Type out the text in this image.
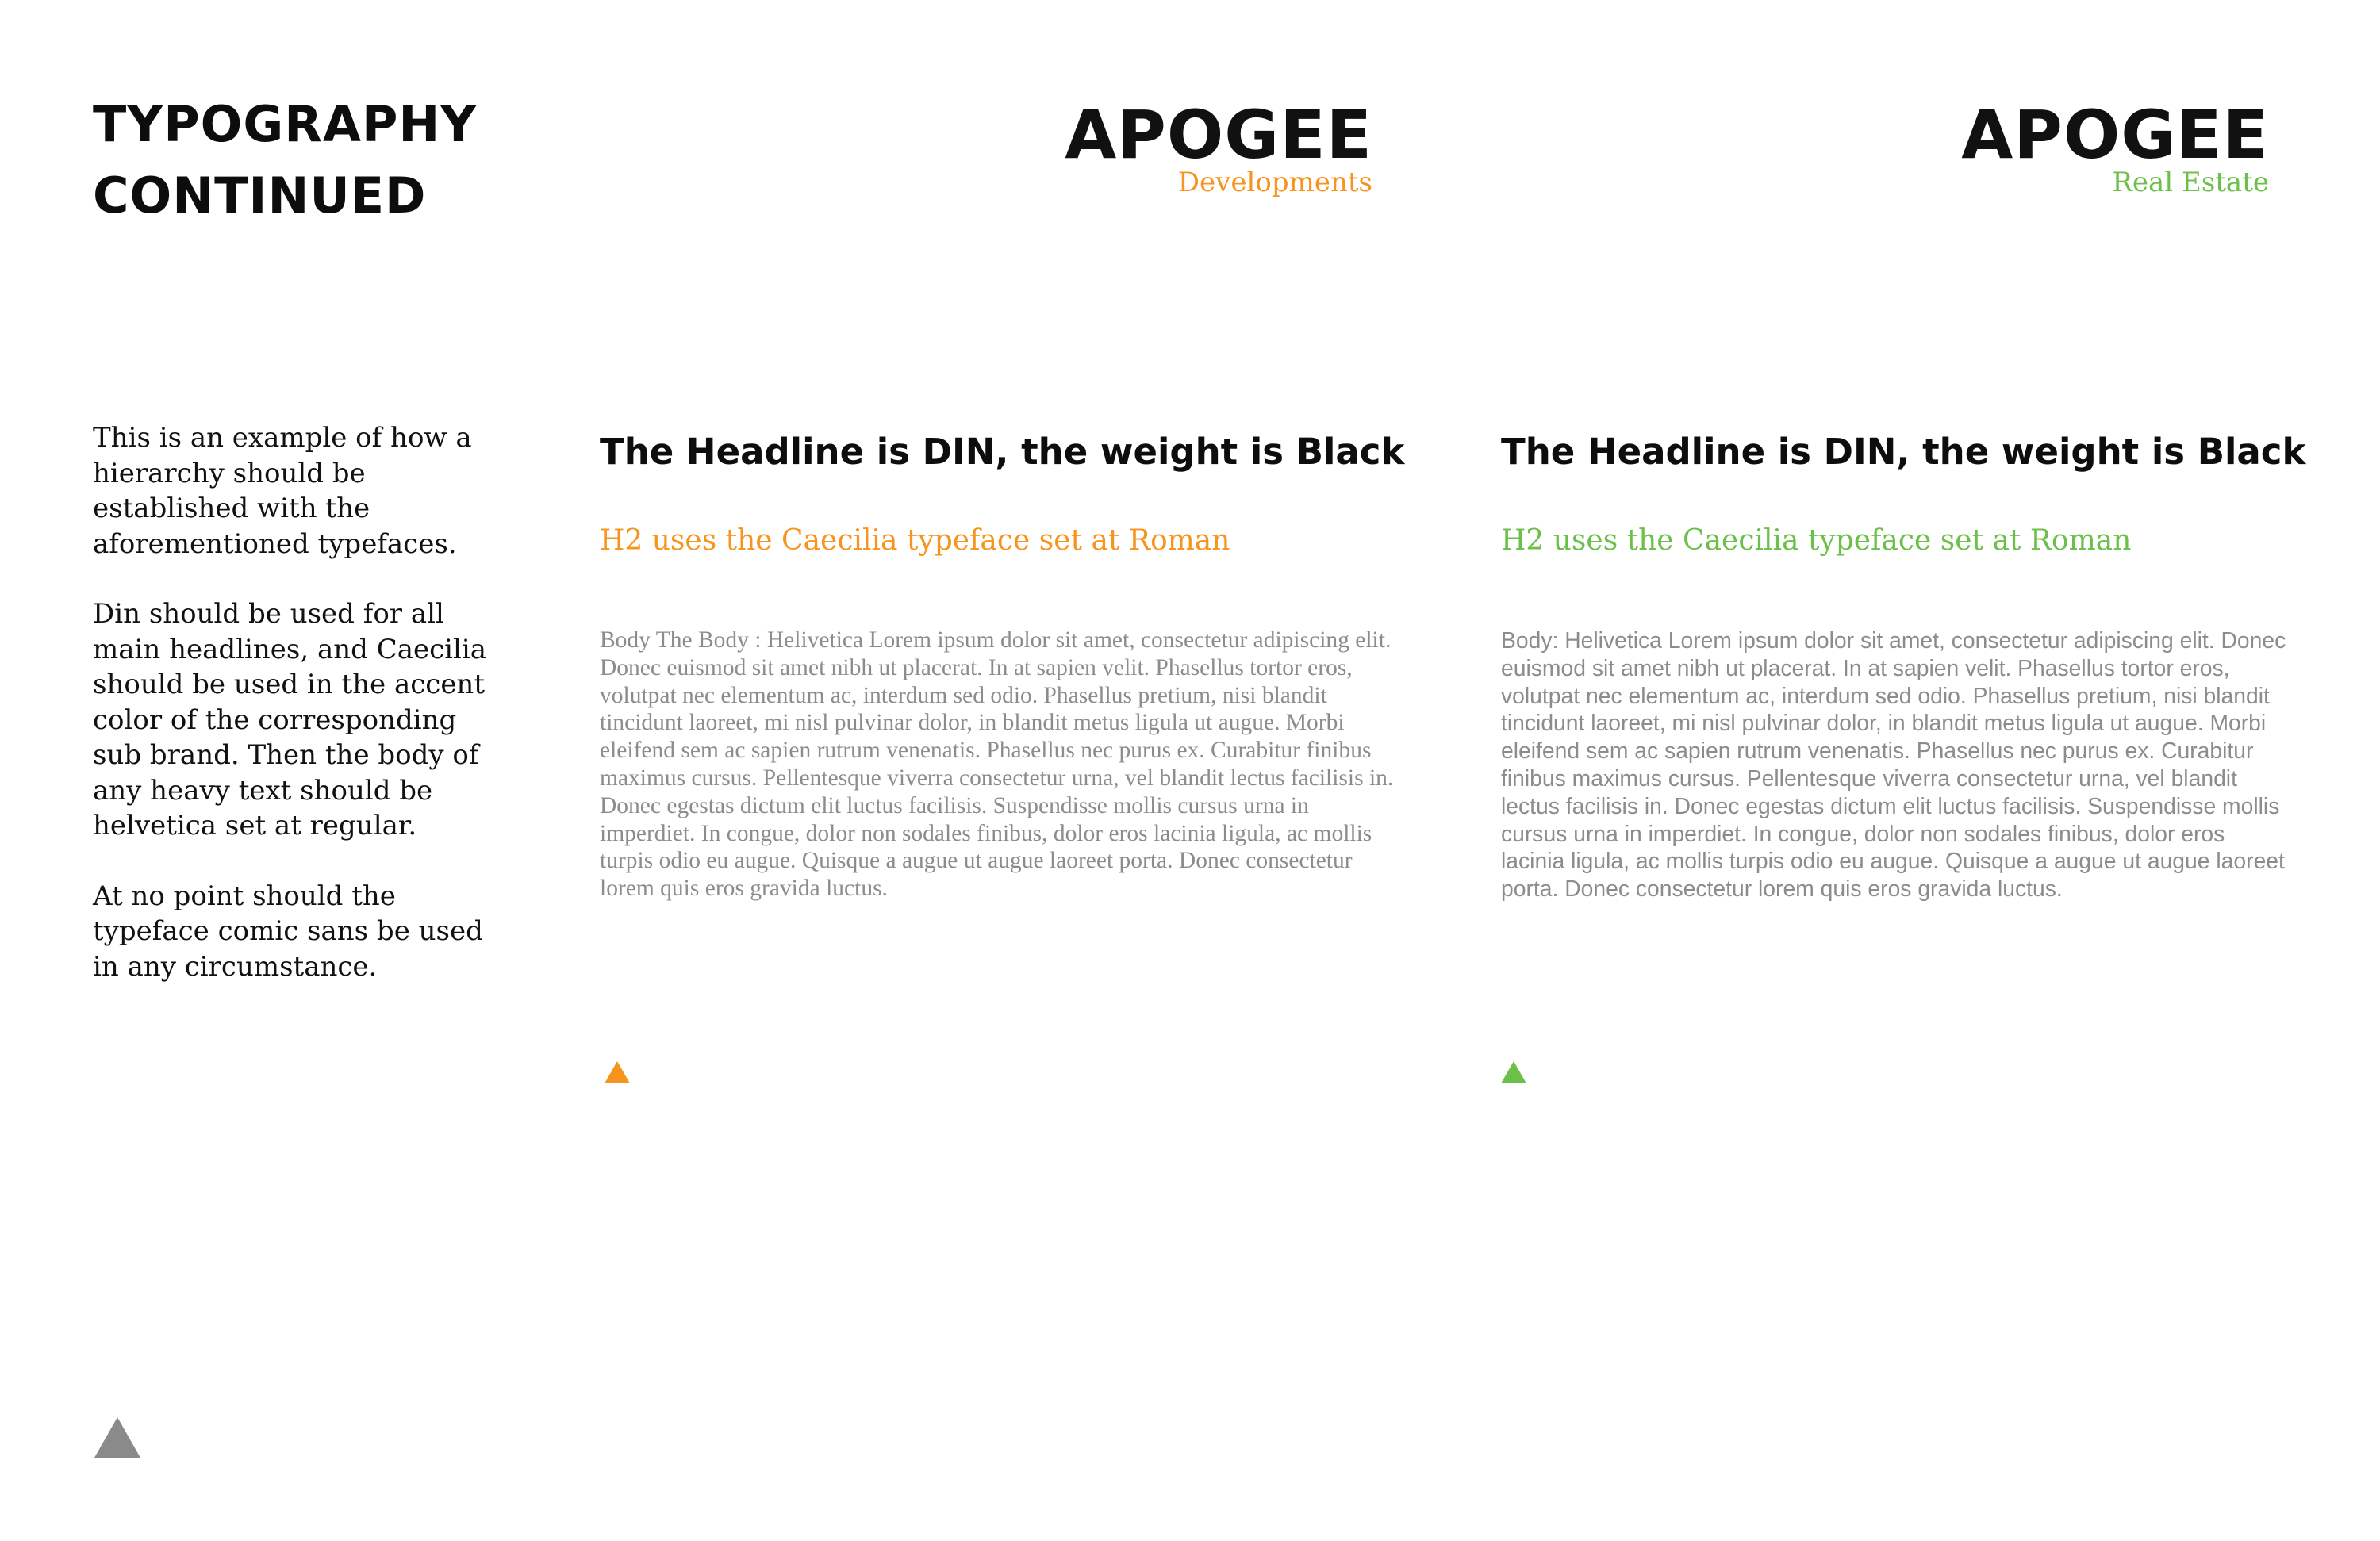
TYPOGRAPHY
CONTINUED
APOGEE
Developments
APOGEE
Real Estate

This is an example of how a hierarchy should be established with the aforementioned typefaces.

Din should be used for all main headlines, and Caecilia should be used in the accent color of the corresponding sub brand. Then the body of any heavy text should be helvetica set at regular.

At no point should the typeface comic sans be used in any circumstance.

The Headline is DIN, the weight is Black
H2 uses the Caecilia typeface set at Roman
Body The Body : Helivetica Lorem ipsum dolor sit amet, consectetur adipiscing elit. Donec euismod sit amet nibh ut placerat. In at sapien velit. Phasellus tortor eros, volutpat nec elementum ac, interdum sed odio. Phasellus pretium, nisi blandit tincidunt laoreet, mi nisl pulvinar dolor, in blandit metus ligula ut augue. Morbi eleifend sem ac sapien rutrum venenatis. Phasellus nec purus ex. Curabitur finibus maximus cursus. Pellentesque viverra consectetur urna, vel blandit lectus facilisis in. Donec egestas dictum elit luctus facilisis. Suspendisse mollis cursus urna in imperdiet. In congue, dolor non sodales finibus, dolor eros lacinia ligula, ac mollis turpis odio eu augue. Quisque a augue ut augue laoreet porta. Donec consectetur lorem quis eros gravida luctus.
The Headline is DIN, the weight is Black
H2 uses the Caecilia typeface set at Roman
Body: Helivetica Lorem ipsum dolor sit amet, consectetur adipiscing elit. Donec euismod sit amet nibh ut placerat. In at sapien velit. Phasellus tortor eros, volutpat nec elementum ac, interdum sed odio. Phasellus pretium, nisi blandit tincidunt laoreet, mi nisl pulvinar dolor, in blandit metus ligula ut augue. Morbi eleifend sem ac sapien rutrum venenatis. Phasellus nec purus ex. Curabitur finibus maximus cursus. Pellentesque viverra consectetur urna, vel blandit lectus facilisis in. Donec egestas dictum elit luctus facilisis. Suspendisse mollis cursus urna in imperdiet. In congue, dolor non sodales finibus, dolor eros lacinia ligula, ac mollis turpis odio eu augue. Quisque a augue ut augue laoreet porta. Donec consectetur lorem quis eros gravida luctus.
